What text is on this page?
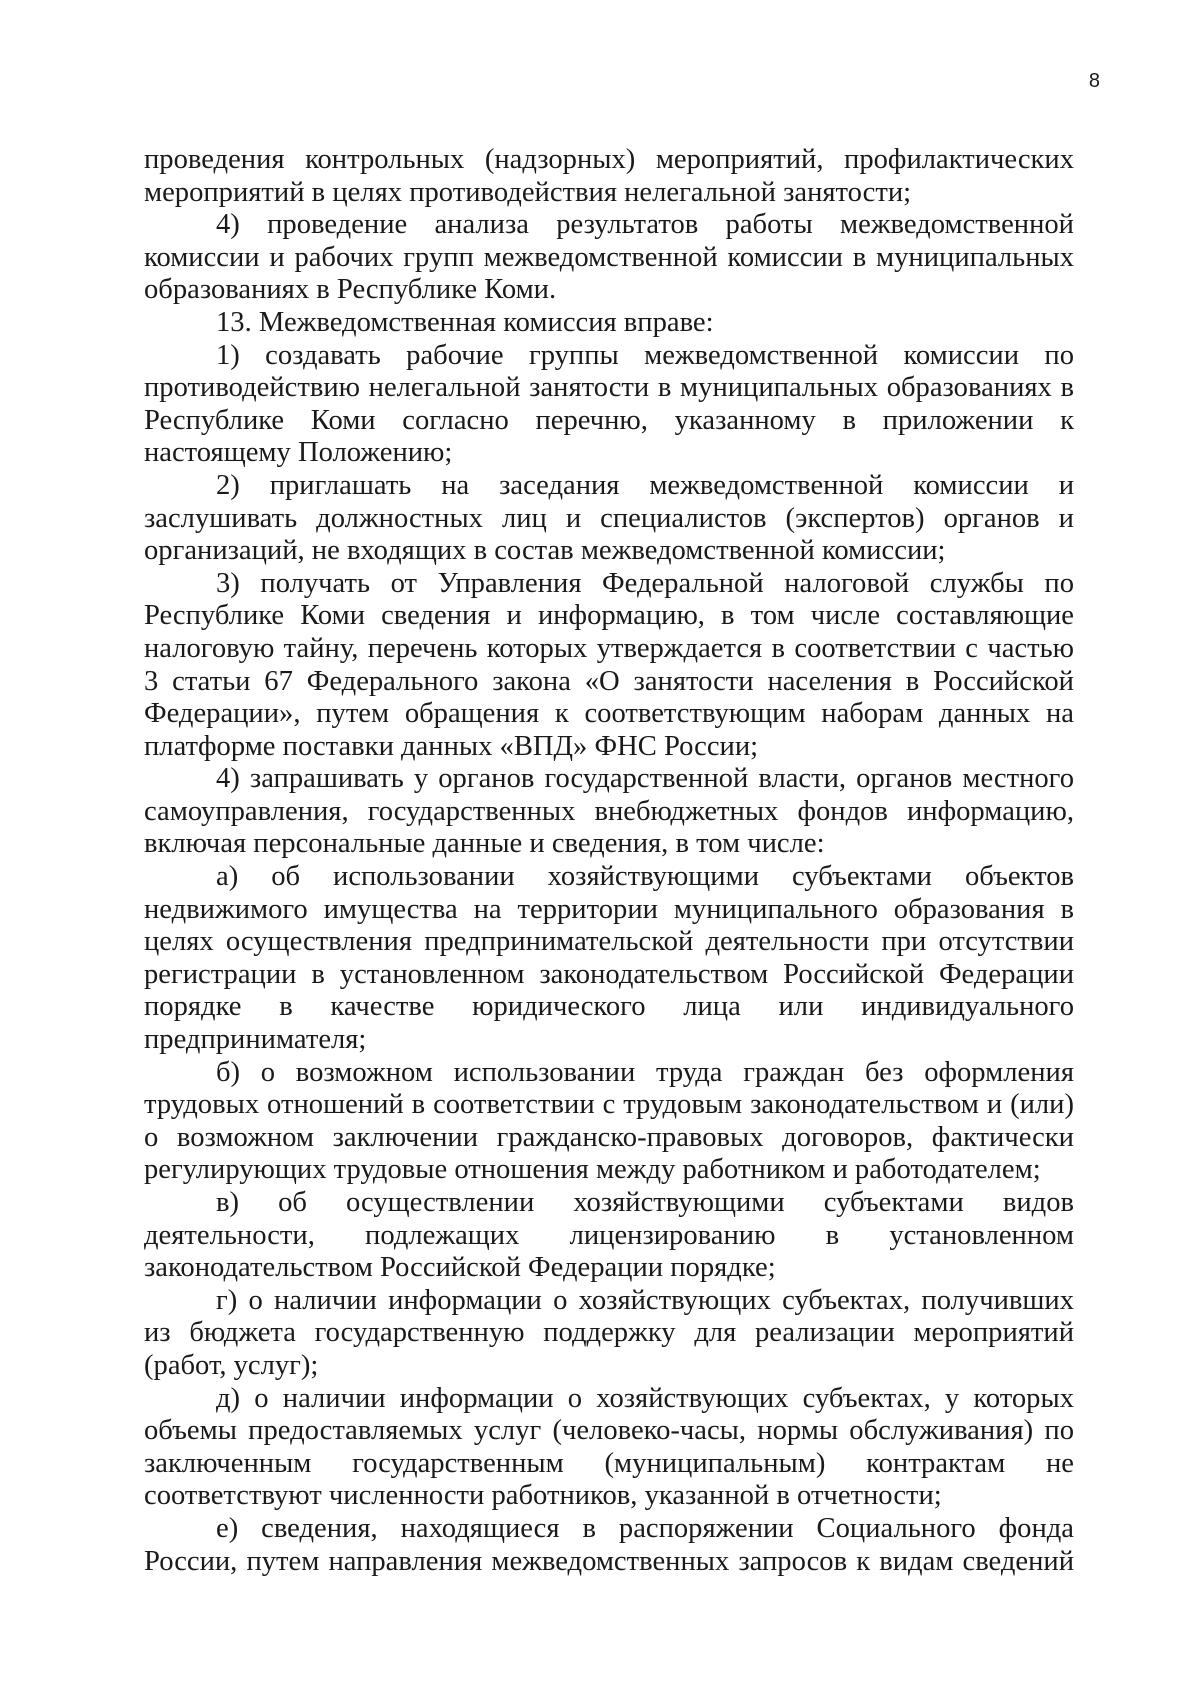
8

проведения контрольных (надзорных) мероприятий, профилактических мероприятий в целях противодействия нелегальной занятости;

4) проведение анализа результатов работы межведомственной комиссии и рабочих групп межведомственной комиссии в муниципальных образованиях в Республике Коми.

13. Межведомственная комиссия вправе:

1) создавать рабочие группы межведомственной комиссии по противодействию нелегальной занятости в муниципальных образованиях в Республике Коми согласно перечню, указанному в приложении к настоящему Положению;

2) приглашать на заседания межведомственной комиссии и заслушивать должностных лиц и специалистов (экспертов) органов и организаций, не входящих в состав межведомственной комиссии;

3) получать от Управления Федеральной налоговой службы по Республике Коми сведения и информацию, в том числе составляющие налоговую тайну, перечень которых утверждается в соответствии с частью 3 статьи 67 Федерального закона «О занятости населения в Российской Федерации», путем обращения к соответствующим наборам данных на платформе поставки данных «ВПД» ФНС России;

4) запрашивать у органов государственной власти, органов местного самоуправления, государственных внебюджетных фондов информацию, включая персональные данные и сведения, в том числе:

а) об использовании хозяйствующими субъектами объектов недвижимого имущества на территории муниципального образования в целях осуществления предпринимательской деятельности при отсутствии регистрации в установленном законодательством Российской Федерации порядке в качестве юридического лица или индивидуального предпринимателя;

б) о возможном использовании труда граждан без оформления трудовых отношений в соответствии с трудовым законодательством и (или) о возможном заключении гражданско-правовых договоров, фактически регулирующих трудовые отношения между работником и работодателем;

в) об осуществлении хозяйствующими субъектами видов деятельности, подлежащих лицензированию в установленном законодательством Российской Федерации порядке;

г) о наличии информации о хозяйствующих субъектах, получивших из бюджета государственную поддержку для реализации мероприятий (работ, услуг);

д) о наличии информации о хозяйствующих субъектах, у которых объемы предоставляемых услуг (человеко-часы, нормы обслуживания) по заключенным государственным (муниципальным) контрактам не соответствуют численности работников, указанной в отчетности;

е) сведения, находящиеся в распоряжении Социального фонда России, путем направления межведомственных запросов к видам сведений
